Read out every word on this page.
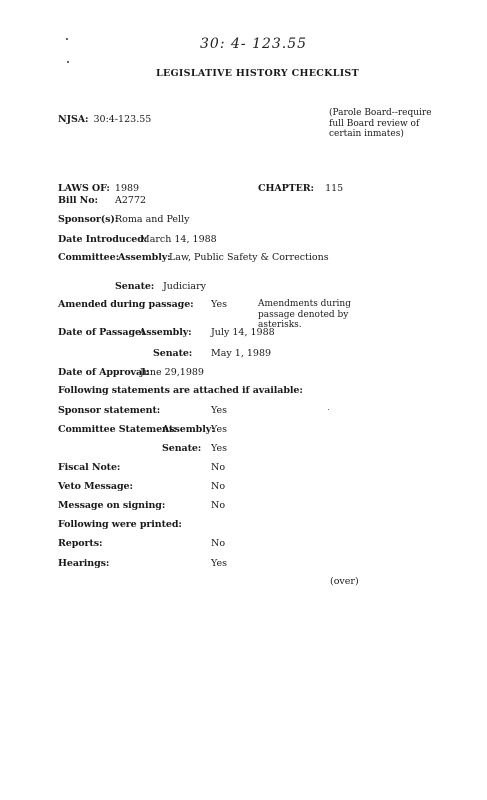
30: 4- 123.55
LEGISLATIVE HISTORY CHECKLIST
NJSA: 30:4-123.55
(Parole Board--require full Board review of certain inmates)
LAWS OF: 1989	CHAPTER: 115
Bill No: A2772
Sponsor(s):
Roma and Pelly
Date Introduced:
March 14, 1988
Committee: Assembly:
Law, Public Safety & Corrections
Senate: Judiciary
Amended during passage: Yes	Amendments during passage denoted by asterisks.
Date of Passage:
Assembly: July 14, 1988
Senate: May 1, 1989
Date of Approval:
June 29,1989
Following statements are attached if available:
Sponsor statement:	Yes
Committee Statement:
Assembly:
Yes
Senate: Yes
Fiscal Note:	No
Veto Message:	No
Message on signing:	No
Following were printed:
Reports:	No
Hearings:	Yes
(over)
